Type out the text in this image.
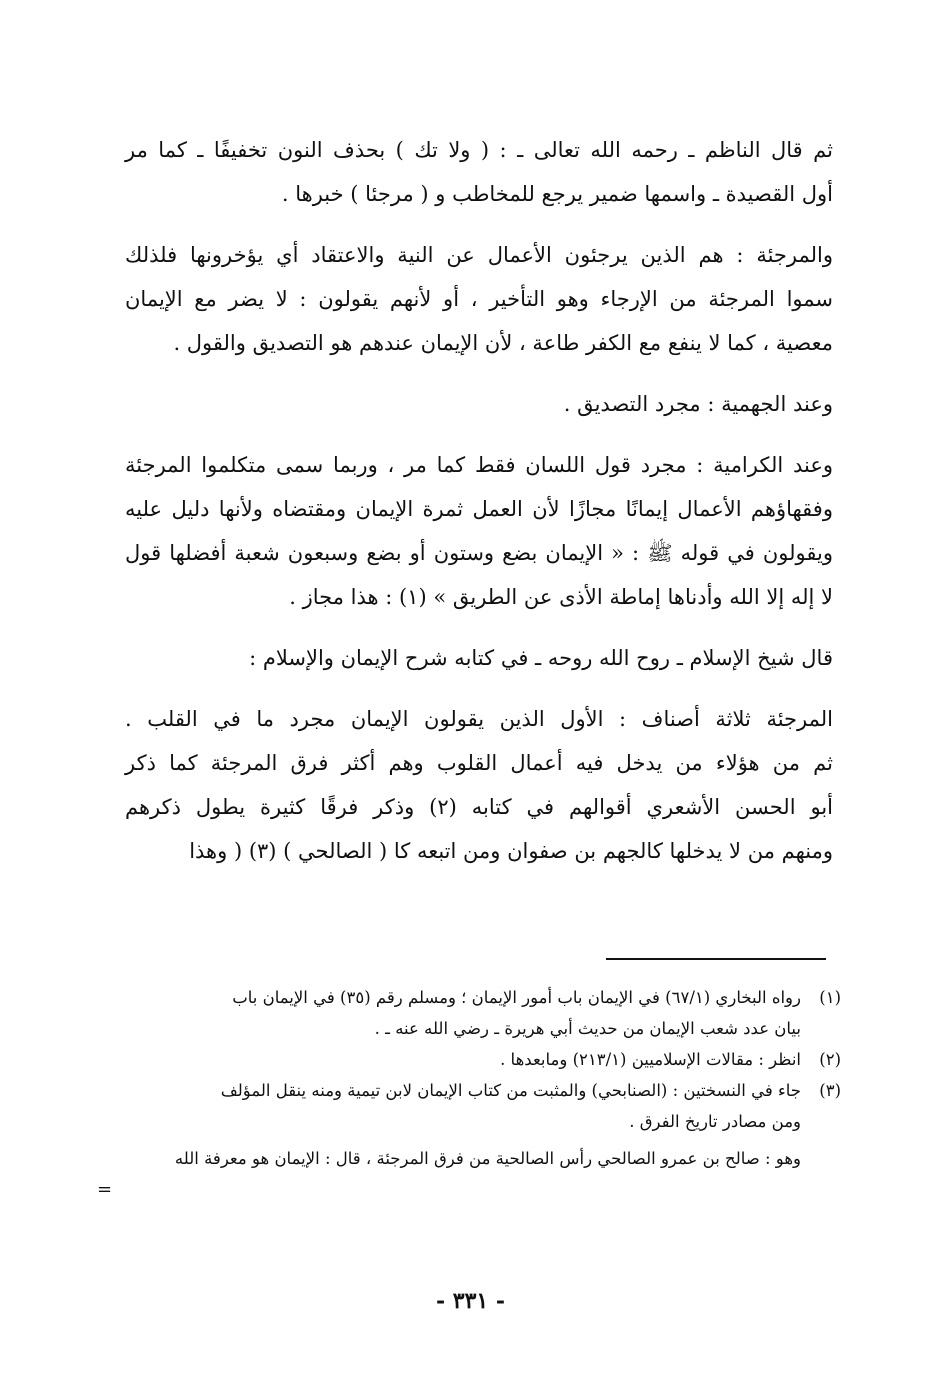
ثم قال الناظم ـ رحمه الله تعالى ـ : ( ولا تك ) بحذف النون تخفيفًا ـ كما مر
أول القصيدة ـ واسمها ضمير يرجع للمخاطب و ( مرجئا ) خبرها .

والمرجئة : هم الذين يرجئون الأعمال عن النية والاعتقاد أي يؤخرونها فلذلك
سموا المرجئة من الإرجاء وهو التأخير ، أو لأنهم يقولون : لا يضر مع الإيمان
معصية ، كما لا ينفع مع الكفر طاعة ، لأن الإيمان عندهم هو التصديق والقول .

وعند الجهمية : مجرد التصديق .

وعند الكرامية : مجرد قول اللسان فقط كما مر ، وربما سمى متكلموا المرجئة
وفقهاؤهم الأعمال إيمانًا مجازًا لأن العمل ثمرة الإيمان ومقتضاه ولأنها دليل عليه
ويقولون في قوله ﷺ : « الإيمان بضع وستون أو بضع وسبعون شعبة أفضلها قول
لا إله إلا الله وأدناها إماطة الأذى عن الطريق » (١) : هذا مجاز .

قال شيخ الإسلام ـ روح الله روحه ـ في كتابه شرح الإيمان والإسلام :

المرجئة ثلاثة أصناف : الأول الذين يقولون الإيمان مجرد ما في القلب .
ثم من هؤلاء من يدخل فيه أعمال القلوب وهم أكثر فرق المرجئة كما ذكر
أبو الحسن الأشعري أقوالهم في كتابه (٢) وذكر فرقًا كثيرة يطول ذكرهم
ومنهم من لا يدخلها كالجهم بن صفوان ومن اتبعه كا ( الصالحي ) (٣) ( وهذا

(١)
رواه البخاري (٦٧/١) في الإيمان باب أمور الإيمان ؛ ومسلم رقم (٣٥) في الإيمان باب
بيان عدد شعب الإيمان من حديث أبي هريرة ـ رضي الله عنه ـ .
(٢)
انظر : مقالات الإسلاميين (٢١٣/١) ومابعدها .
(٣)
جاء في النسختين : (الصنابحي) والمثبت من كتاب الإيمان لابن تيمية ومنه ينقل المؤلف
ومن مصادر تاريخ الفرق .
وهو : صالح بن عمرو الصالحي رأس الصالحية من فرق المرجئة ، قال : الإيمان هو معرفة الله
=
- ٣٣١ -
